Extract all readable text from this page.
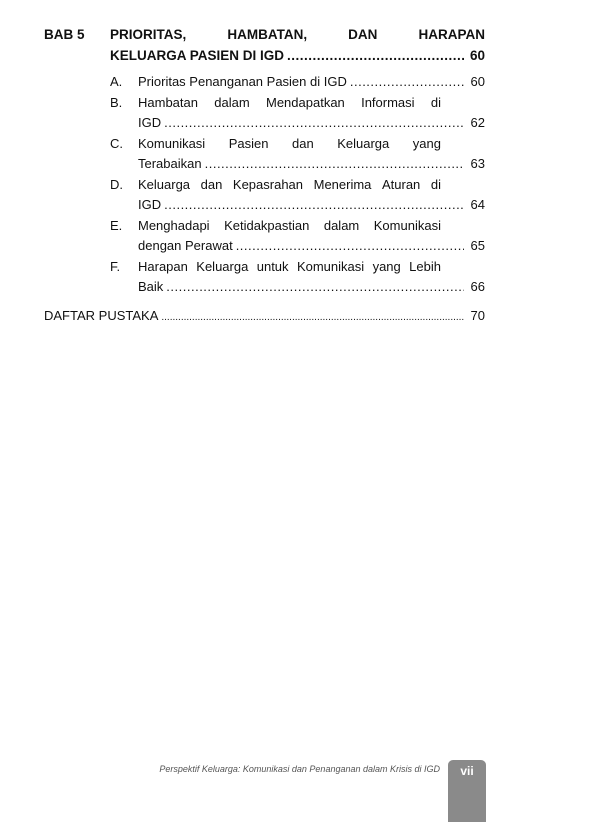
BAB 5	PRIORITAS,	HAMBATAN,	DAN	HARAPAN
KELUARGA PASIEN DI IGD .....	60
A.	Prioritas Penanganan Pasien di IGD .....	60
B.	Hambatan dalam Mendapatkan Informasi di
IGD .....	62
C.	Komunikasi Pasien dan Keluarga yang
Terabaikan .....	63
D.	Keluarga dan Kepasrahan Menerima Aturan di
IGD .....	64
E.	Menghadapi Ketidakpastian dalam Komunikasi
dengan Perawat .....	65
F.	Harapan Keluarga untuk Komunikasi yang Lebih
Baik .....	66
DAFTAR PUSTAKA .....	70
Perspektif Keluarga: Komunikasi dan Penanganan dalam Krisis di IGD	vii
